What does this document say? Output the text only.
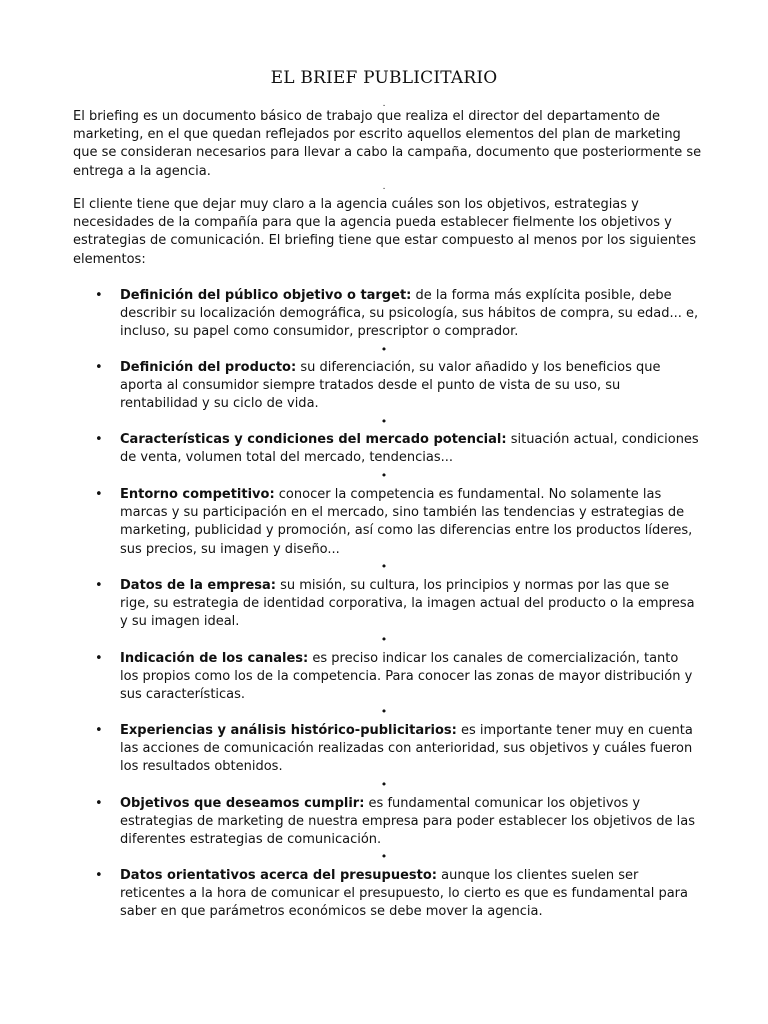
EL BRIEF PUBLICITARIO
.
El briefing es un documento básico de trabajo que realiza el director del departamento de marketing, en el que quedan reflejados por escrito aquellos elementos del plan de marketing que se consideran necesarios para llevar a cabo la campaña, documento que posteriormente se entrega a la agencia.
.
El cliente tiene que dejar muy claro a la agencia cuáles son los objetivos, estrategias y necesidades de la compañía para que la agencia pueda establecer fielmente los objetivos y estrategias de comunicación. El briefing tiene que estar compuesto al menos por los siguientes elementos:
• Definición del público objetivo o target: de la forma más explícita posible, debe describir su localización demográfica, su psicología, sus hábitos de compra, su edad... e, incluso, su papel como consumidor, prescriptor o comprador.
•
• Definición del producto: su diferenciación, su valor añadido y los beneficios que aporta al consumidor siempre tratados desde el punto de vista de su uso, su rentabilidad y su ciclo de vida.
•
• Características y condiciones del mercado potencial: situación actual, condiciones de venta, volumen total del mercado, tendencias...
•
• Entorno competitivo: conocer la competencia es fundamental. No solamente las marcas y su participación en el mercado, sino también las tendencias y estrategias de marketing, publicidad y promoción, así como las diferencias entre los productos líderes, sus precios, su imagen y diseño...
•
• Datos de la empresa: su misión, su cultura, los principios y normas por las que se rige, su estrategia de identidad corporativa, la imagen actual del producto o la empresa y su imagen ideal.
•
• Indicación de los canales: es preciso indicar los canales de comercialización, tanto los propios como los de la competencia. Para conocer las zonas de mayor distribución y sus características.
•
• Experiencias y análisis histórico-publicitarios: es importante tener muy en cuenta las acciones de comunicación realizadas con anterioridad, sus objetivos y cuáles fueron los resultados obtenidos.
•
• Objetivos que deseamos cumplir: es fundamental comunicar los objetivos y estrategias de marketing de nuestra empresa para poder establecer los objetivos de las diferentes estrategias de comunicación.
•
• Datos orientativos acerca del presupuesto: aunque los clientes suelen ser reticentes a la hora de comunicar el presupuesto, lo cierto es que es fundamental para saber en que parámetros económicos se debe mover la agencia.
